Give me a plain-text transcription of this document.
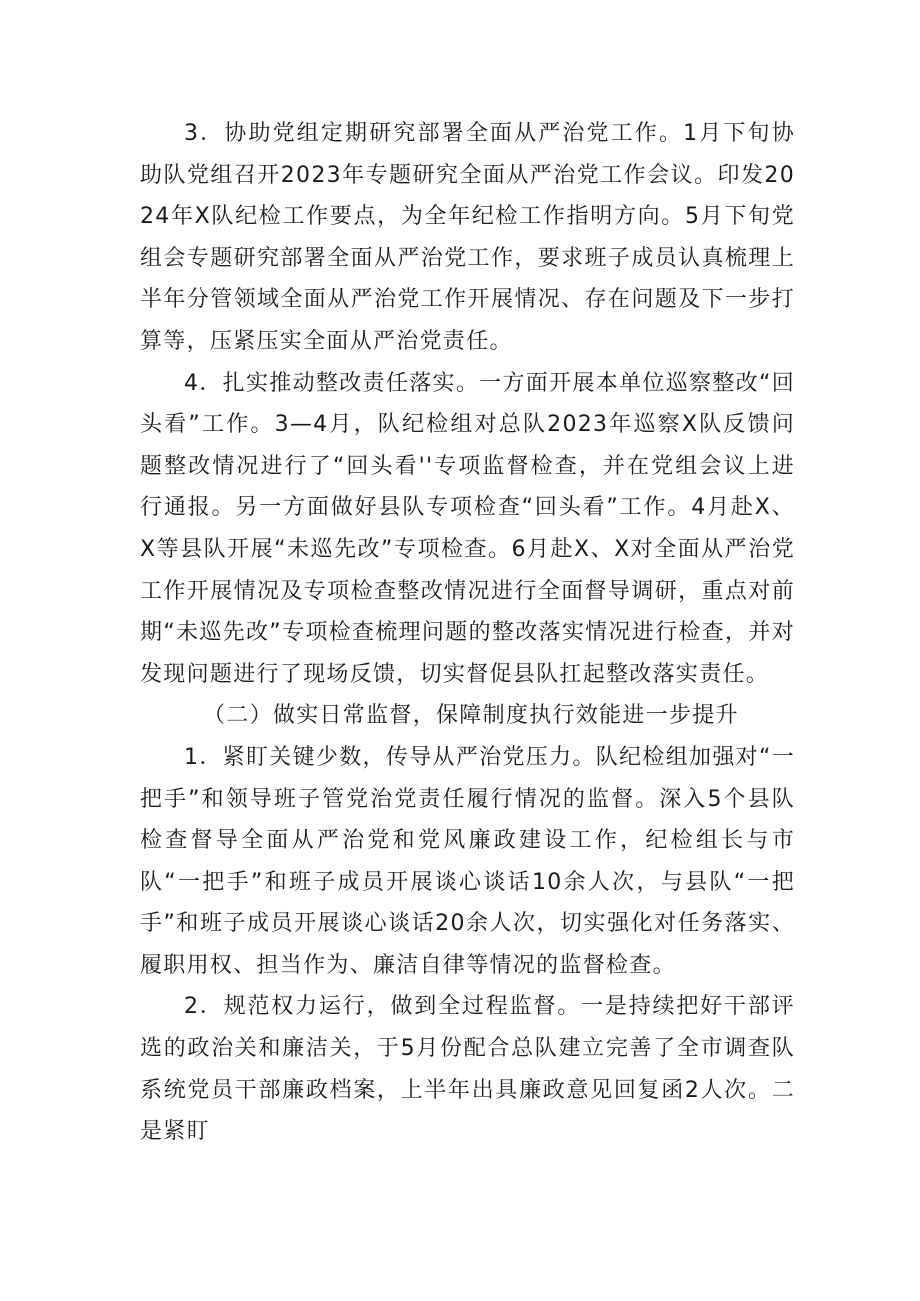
3．协助党组定期研究部署全面从严治党工作。1月下旬协助队党组召开2023年专题研究全面从严治党工作会议。印发2024年X队纪检工作要点，为全年纪检工作指明方向。5月下旬党组会专题研究部署全面从严治党工作，要求班子成员认真梳理上半年分管领域全面从严治党工作开展情况、存在问题及下一步打算等，压紧压实全面从严治党责任。

4．扎实推动整改责任落实。一方面开展本单位巡察整改“回头看”工作。3—4月，队纪检组对总队2023年巡察X队反馈问题整改情况进行了“回头看''专项监督检查，并在党组会议上进行通报。另一方面做好县队专项检查“回头看”工作。4月赴X、X等县队开展“未巡先改”专项检查。6月赴X、X对全面从严治党工作开展情况及专项检查整改情况进行全面督导调研，重点对前期“未巡先改”专项检查梳理问题的整改落实情况进行检查，并对发现问题进行了现场反馈，切实督促县队扛起整改落实责任。

（二）做实日常监督，保障制度执行效能进一步提升

1．紧盯关键少数，传导从严治党压力。队纪检组加强对“一把手”和领导班子管党治党责任履行情况的监督。深入5个县队检查督导全面从严治党和党风廉政建设工作，纪检组长与市队“一把手”和班子成员开展谈心谈话10余人次，与县队“一把手”和班子成员开展谈心谈话20余人次，切实强化对任务落实、履职用权、担当作为、廉洁自律等情况的监督检查。

2．规范权力运行，做到全过程监督。一是持续把好干部评选的政治关和廉洁关，于5月份配合总队建立完善了全市调查队系统党员干部廉政档案，上半年出具廉政意见回复函2人次。二是紧盯
